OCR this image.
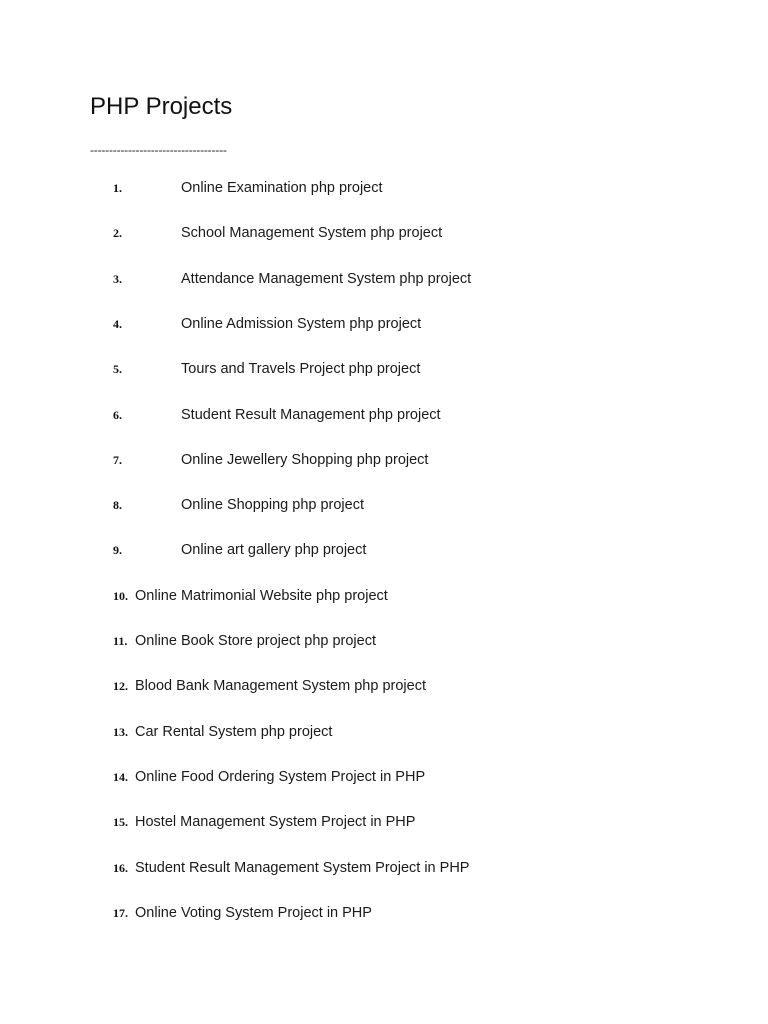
PHP Projects
------------------------------------
1.	Online Examination php project
2.	School Management System php project
3.	Attendance Management System php project
4.	Online Admission System php project
5.	Tours and Travels Project php project
6.	Student Result Management php project
7.	Online Jewellery Shopping php project
8.	Online Shopping php project
9.	Online art gallery php project
10. Online Matrimonial Website php project
11. Online Book Store project php project
12. Blood Bank Management System php project
13. Car Rental System php project
14. Online Food Ordering System Project in PHP
15. Hostel Management System Project in PHP
16. Student Result Management System Project in PHP
17. Online Voting System Project in PHP
